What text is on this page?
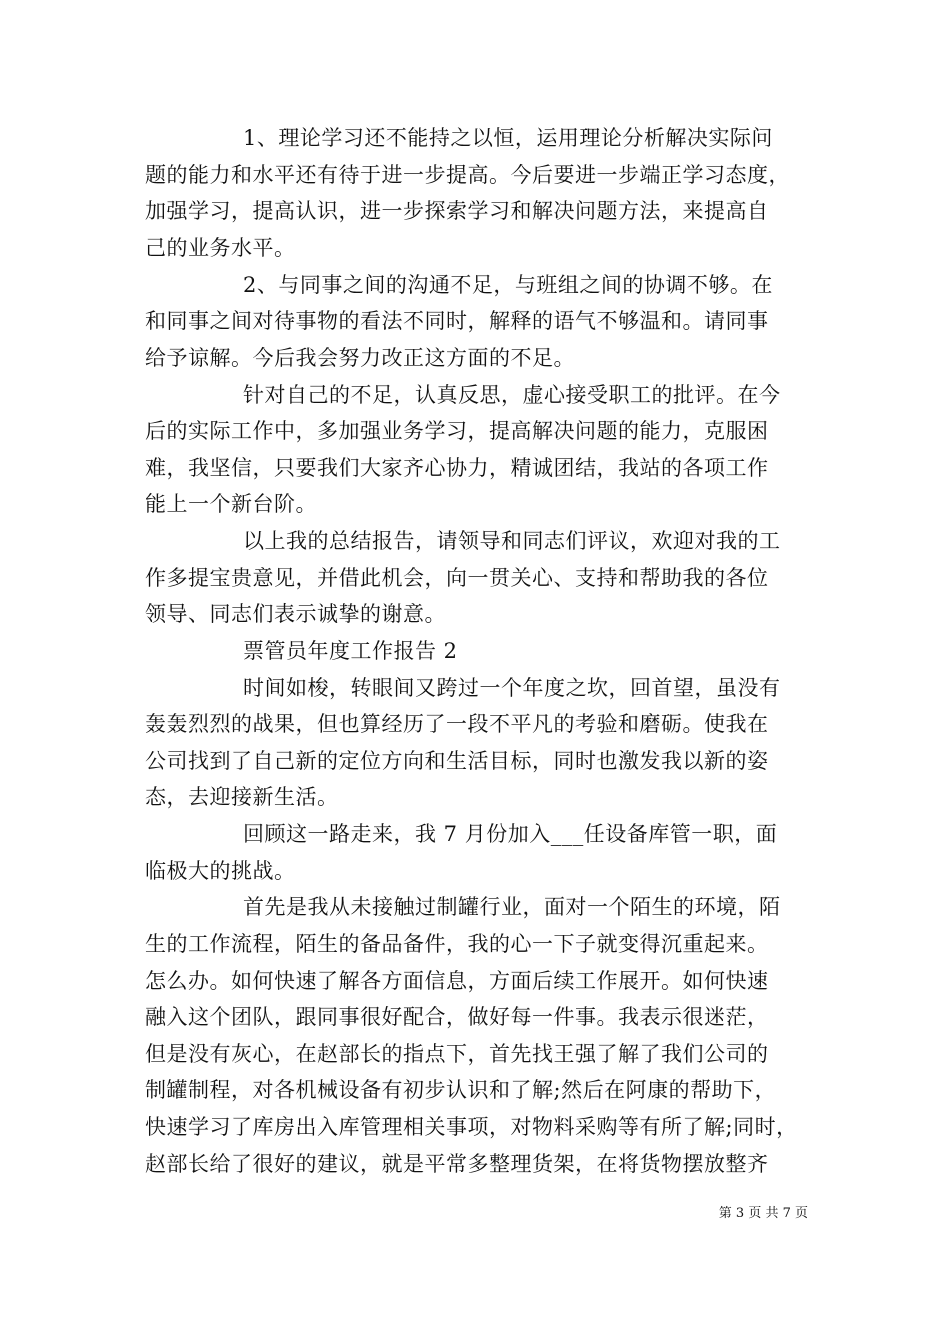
1、理论学习还不能持之以恒，运用理论分析解决实际问
题的能力和水平还有待于进一步提高。今后要进一步端正学习态度，
加强学习，提高认识，进一步探索学习和解决问题方法，来提高自
己的业务水平。
2、与同事之间的沟通不足，与班组之间的协调不够。在
和同事之间对待事物的看法不同时，解释的语气不够温和。请同事
给予谅解。今后我会努力改正这方面的不足。
针对自己的不足，认真反思，虚心接受职工的批评。在今
后的实际工作中，多加强业务学习，提高解决问题的能力，克服困
难，我坚信，只要我们大家齐心协力，精诚团结，我站的各项工作
能上一个新台阶。
以上我的总结报告，请领导和同志们评议，欢迎对我的工
作多提宝贵意见，并借此机会，向一贯关心、支持和帮助我的各位
领导、同志们表示诚挚的谢意。
票管员年度工作报告 2
时间如梭，转眼间又跨过一个年度之坎，回首望，虽没有
轰轰烈烈的战果，但也算经历了一段不平凡的考验和磨砺。使我在
公司找到了自己新的定位方向和生活目标，同时也激发我以新的姿
态，去迎接新生活。
回顾这一路走来，我 7 月份加入___任设备库管一职，面
临极大的挑战。
首先是我从未接触过制罐行业，面对一个陌生的环境，陌
生的工作流程，陌生的备品备件，我的心一下子就变得沉重起来。
怎么办。如何快速了解各方面信息，方面后续工作展开。如何快速
融入这个团队，跟同事很好配合，做好每一件事。我表示很迷茫，
但是没有灰心，在赵部长的指点下，首先找王强了解了我们公司的
制罐制程，对各机械设备有初步认识和了解;然后在阿康的帮助下，
快速学习了库房出入库管理相关事项，对物料采购等有所了解;同时，
赵部长给了很好的建议，就是平常多整理货架，在将货物摆放整齐
第 3 页 共 7 页
